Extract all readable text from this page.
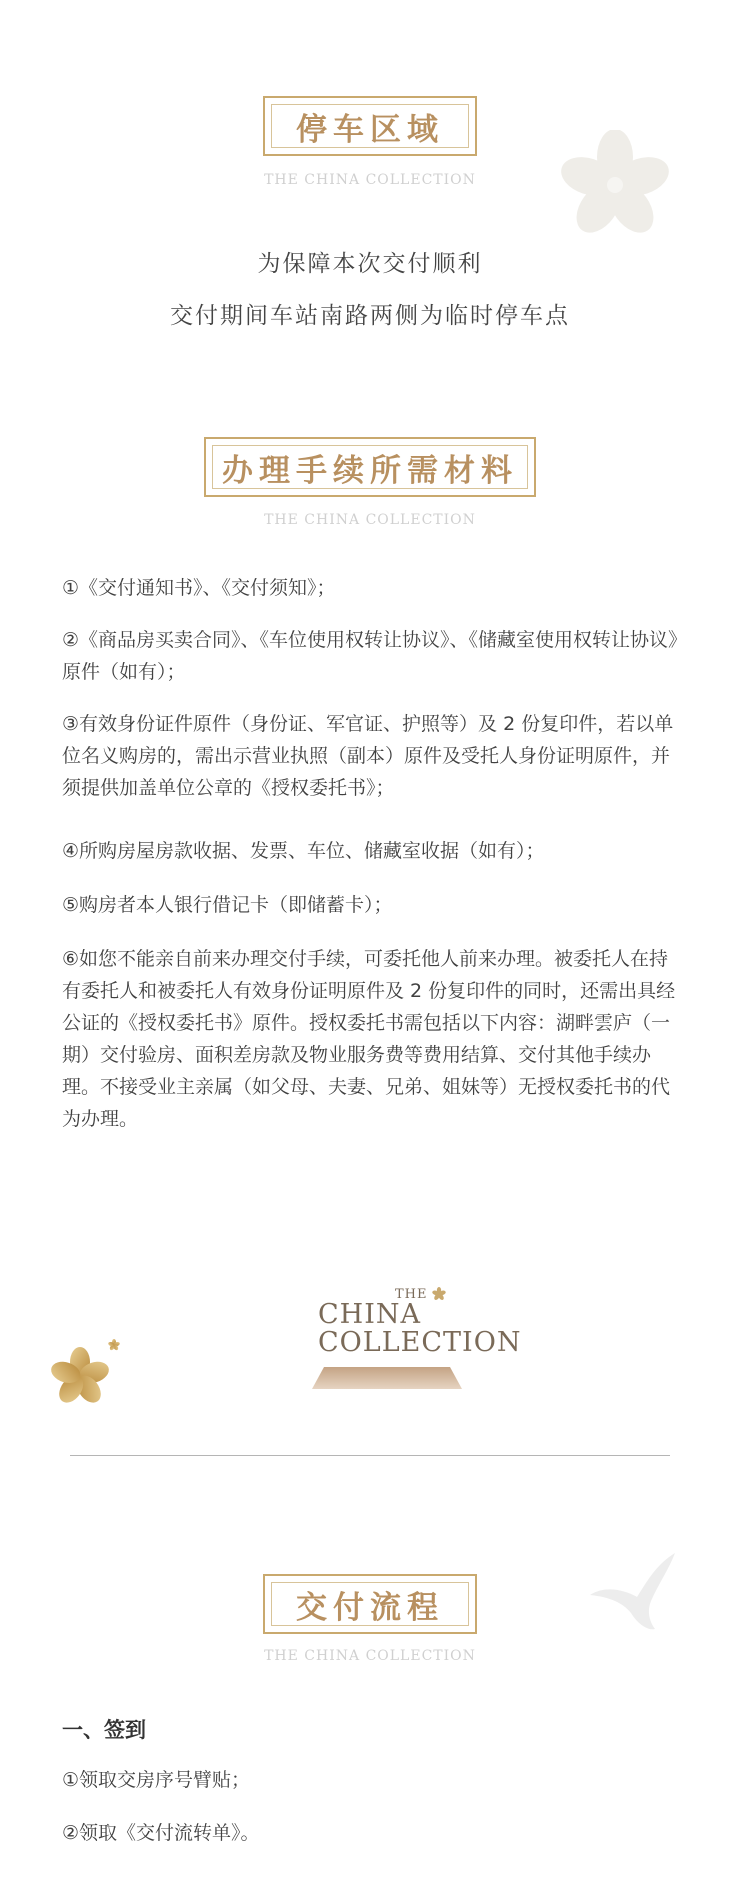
停车区域
THE CHINA COLLECTION
为保障本次交付顺利
交付期间车站南路两侧为临时停车点
办理手续所需材料
THE CHINA COLLECTION
①《交付通知书》、《交付须知》；
②《商品房买卖合同》、《车位使用权转让协议》、《储藏室使用权转让协议》原件（如有）；
③有效身份证件原件（身份证、军官证、护照等）及 2 份复印件，若以单位名义购房的，需出示营业执照（副本）原件及受托人身份证明原件，并须提供加盖单位公章的《授权委托书》；
④所购房屋房款收据、发票、车位、储藏室收据（如有）；
⑤购房者本人银行借记卡（即储蓄卡）；
⑥如您不能亲自前来办理交付手续，可委托他人前来办理。被委托人在持有委托人和被委托人有效身份证明原件及 2 份复印件的同时，还需出具经公证的《授权委托书》原件。授权委托书需包括以下内容：湖畔雲庐（一期）交付验房、面积差房款及物业服务费等费用结算、交付其他手续办理。不接受业主亲属（如父母、夫妻、兄弟、姐妹等）无授权委托书的代为办理。
THE
CHINA
COLLECTION
交付流程
THE CHINA COLLECTION
一、签到
①领取交房序号臂贴；
②领取《交付流转单》。
